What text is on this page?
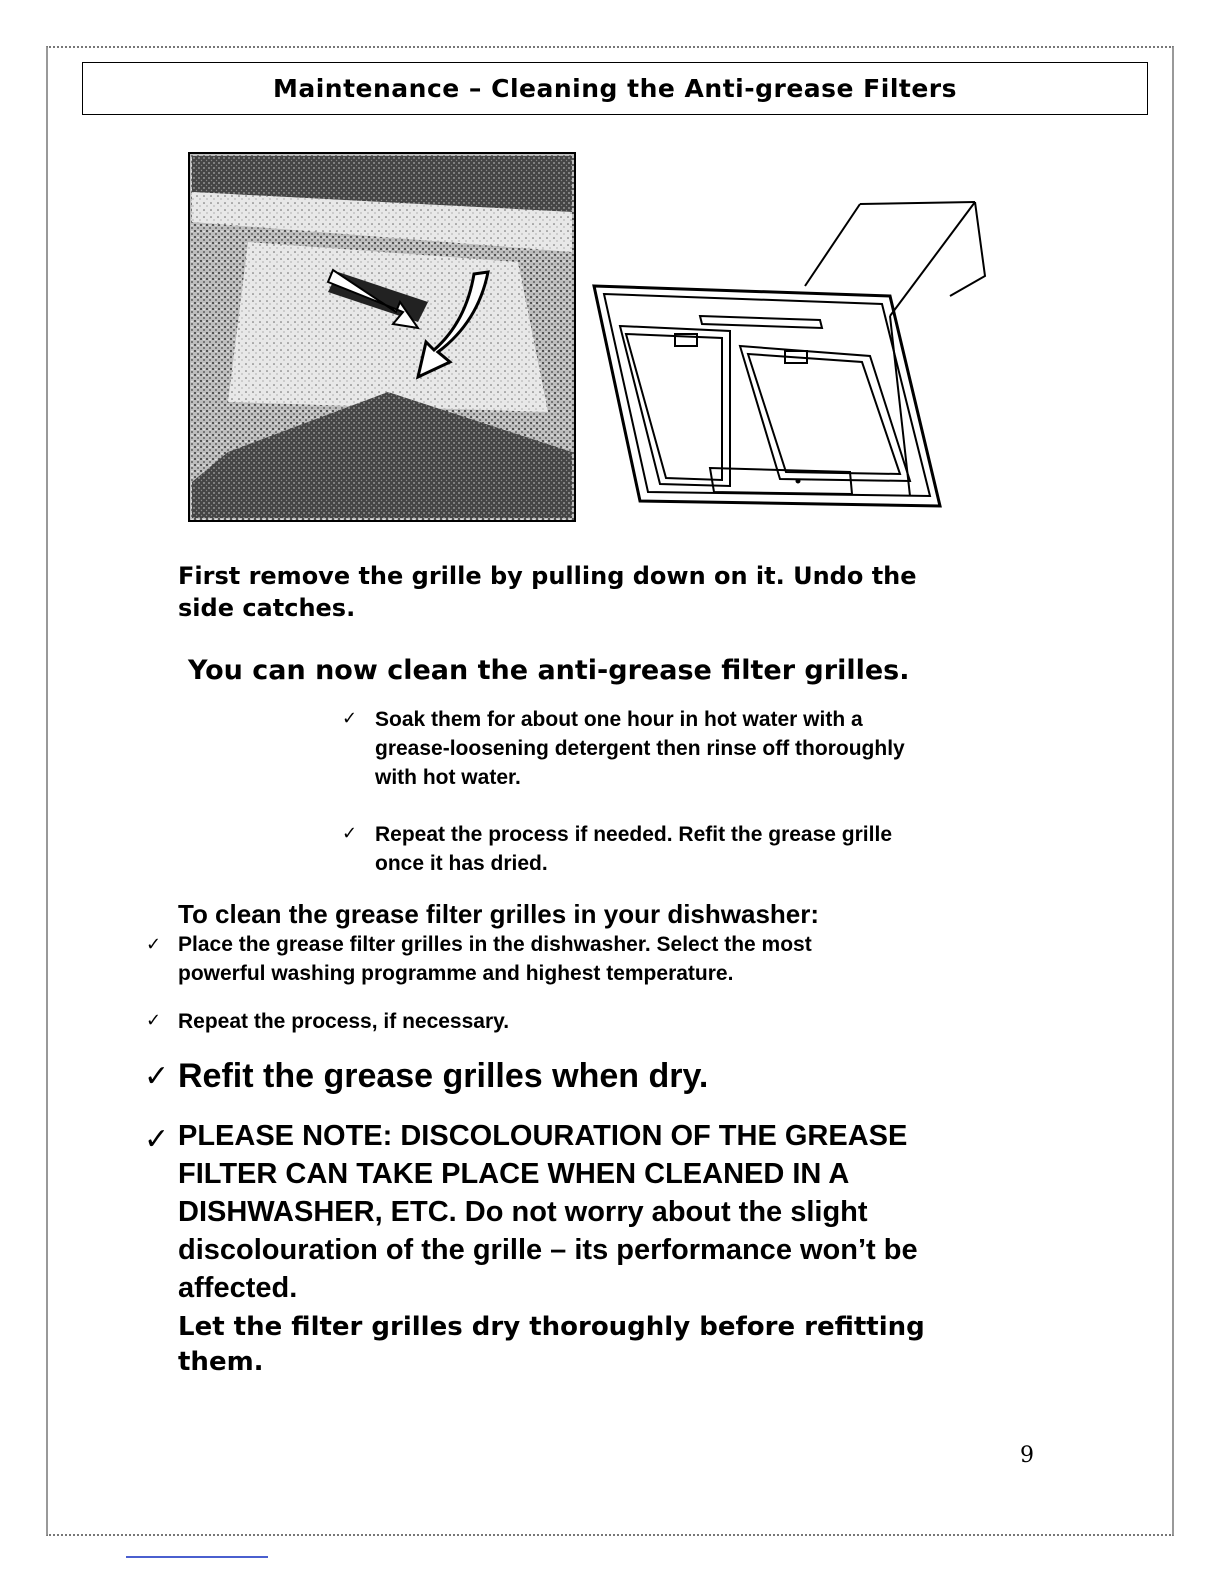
Maintenance – Cleaning the Anti-grease Filters
First remove the grille by pulling down on it. Undo the
side catches.
You can now clean the anti-grease filter grilles.
✓ Soak them for about one hour in hot water with a
grease-loosening detergent then rinse off thoroughly
with hot water.
✓ Repeat the process if needed. Refit the grease grille
once it has dried.
To clean the grease filter grilles in your dishwasher:
✓ Place the grease filter grilles in the dishwasher. Select the most
powerful washing programme and highest temperature.
✓ Repeat the process, if necessary.
✓ Refit the grease grilles when dry.
✓ PLEASE NOTE: DISCOLOURATION OF THE GREASE
FILTER CAN TAKE PLACE WHEN CLEANED IN A
DISHWASHER, ETC. Do not worry about the slight
discolouration of the grille – its performance won’t be
affected.
Let the filter grilles dry thoroughly before refitting
them.
9
